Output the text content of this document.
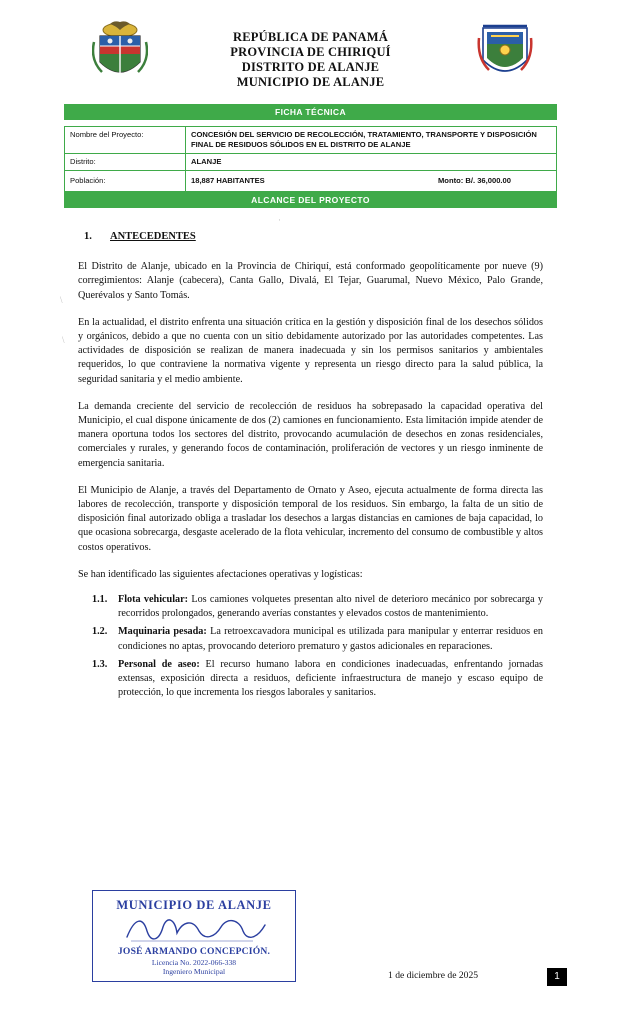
REPÚBLICA DE PANAMÁ
PROVINCIA DE CHIRIQUÍ
DISTRITO DE ALANJE
MUNICIPIO DE ALANJE
FICHA TÉCNICA
Nombre del Proyecto:	CONCESIÓN DEL SERVICIO DE RECOLECCIÓN, TRATAMIENTO, TRANSPORTE Y DISPOSICIÓN FINAL DE RESIDUOS SÓLIDOS EN EL DISTRITO DE ALANJE
Distrito:	ALANJE
Población:	18,887 HABITANTES Monto: B/. 36,000.00
ALCANCE DEL PROYECTO
1. ANTECEDENTES

El Distrito de Alanje, ubicado en la Provincia de Chiriquí, está conformado geopolíticamente por nueve (9) corregimientos: Alanje (cabecera), Canta Gallo, Divalá, El Tejar, Guarumal, Nuevo México, Palo Grande, Querévalos y Santo Tomás.

En la actualidad, el distrito enfrenta una situación crítica en la gestión y disposición final de los desechos sólidos y orgánicos, debido a que no cuenta con un sitio debidamente autorizado por las autoridades competentes. Las actividades de disposición se realizan de manera inadecuada y sin los permisos sanitarios y ambientales requeridos, lo que contraviene la normativa vigente y representa un riesgo directo para la salud pública, la seguridad sanitaria y el medio ambiente.

La demanda creciente del servicio de recolección de residuos ha sobrepasado la capacidad operativa del Municipio, el cual dispone únicamente de dos (2) camiones en funcionamiento. Esta limitación impide atender de manera oportuna todos los sectores del distrito, provocando acumulación de desechos en zonas residenciales, comerciales y rurales, y generando focos de contaminación, proliferación de vectores y un riesgo inminente de emergencia sanitaria.

El Municipio de Alanje, a través del Departamento de Ornato y Aseo, ejecuta actualmente de forma directa las labores de recolección, transporte y disposición temporal de los residuos. Sin embargo, la falta de un sitio de disposición final autorizado obliga a trasladar los desechos a largas distancias en camiones de baja capacidad, lo que ocasiona sobrecarga, desgaste acelerado de la flota vehicular, incremento del consumo de combustible y altos costos operativos.

Se han identificado las siguientes afectaciones operativas y logísticas:

1.1.	Flota vehicular: Los camiones volquetes presentan alto nivel de deterioro mecánico por sobrecarga y recorridos prolongados, generando averías constantes y elevados costos de mantenimiento.
1.2.	Maquinaria pesada: La retroexcavadora municipal es utilizada para manipular y enterrar residuos en condiciones no aptas, provocando deterioro prematuro y gastos adicionales en reparaciones.
1.3.	Personal de aseo: El recurso humano labora en condiciones inadecuadas, enfrentando jornadas extensas, exposición directa a residuos, deficiente infraestructura de manejo y escaso equipo de protección, lo que incrementa los riesgos laborales y sanitarios.
MUNICIPIO DE ALANJE
JOSÉ ARMANDO CONCEPCIÓN.
Licencia No. 2022-066-338
Ingeniero Municipal	1 de diciembre de 2025	1
\
\
·
